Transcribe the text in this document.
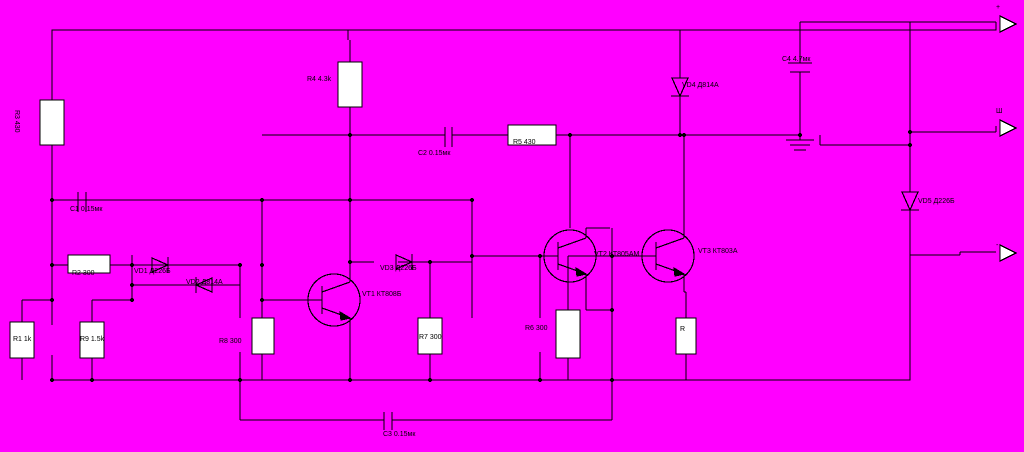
+
Ш
-
R3 430
R4 4.3k
R5 430
R2 300
R1 1k	R9 1.5k	R8 300
R7 300
R6 300	R
C1 0.15мк
C2 0.15мк
C3 0.15мк
C4 4.7мк
VD1 Д226Б
VD2 Д814А
VD3 Д226Б
VD4 Д814А
VD5 Д226Б
VT1 КТ808Б
VT2 КТ805АМ	VT3 КТ803А
